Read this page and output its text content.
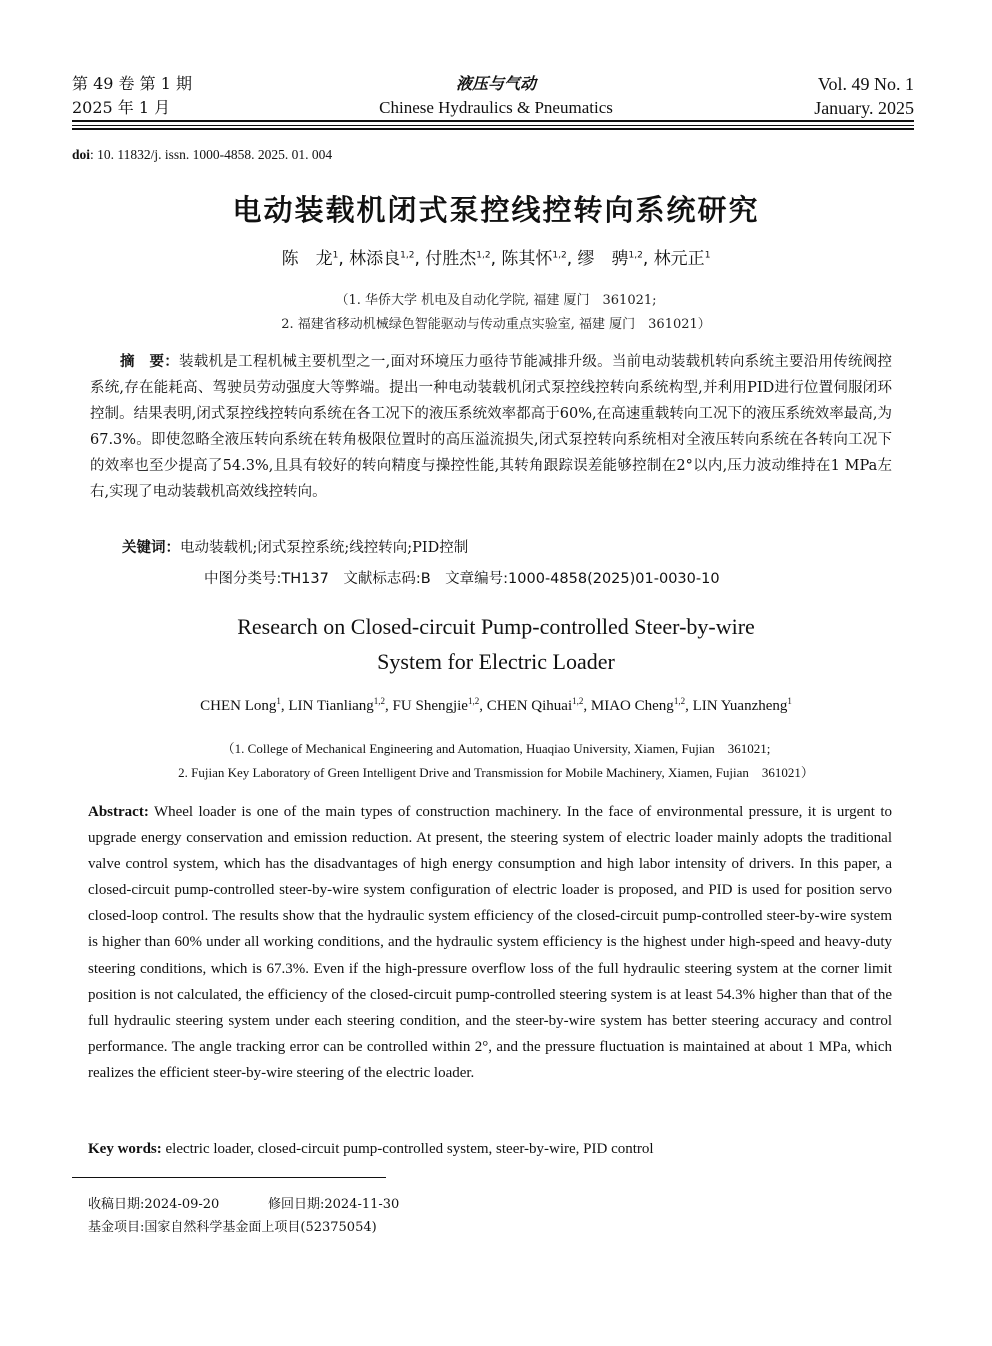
第 49 卷 第 1 期
2025 年 1 月
液压与气动
Chinese Hydraulics & Pneumatics
Vol. 49 No. 1
January. 2025
doi: 10. 11832/j. issn. 1000-4858. 2025. 01. 004
电动装载机闭式泵控线控转向系统研究
陈　龙$^1$, 林添良$^{1,2}$, 付胜杰$^{1,2}$, 陈其怀$^{1,2}$, 缪　骋$^{1,2}$, 林元正$^1$
（1. 华侨大学 机电及自动化学院, 福建 厦门　361021;
2. 福建省移动机械绿色智能驱动与传动重点实验室, 福建 厦门　361021）
摘　要：装载机是工程机械主要机型之一,面对环境压力亟待节能减排升级。当前电动装载机转向系统主要沿用传统阀控系统,存在能耗高、驾驶员劳动强度大等弊端。提出一种电动装载机闭式泵控线控转向系统构型,并利用PID进行位置伺服闭环控制。结果表明,闭式泵控线控转向系统在各工况下的液压系统效率都高于60%,在高速重载转向工况下的液压系统效率最高,为67.3%。即使忽略全液压转向系统在转角极限位置时的高压溢流损失,闭式泵控转向系统相对全液压转向系统在各转向工况下的效率也至少提高了54.3%,且具有较好的转向精度与操控性能,其转角跟踪误差能够控制在2°以内,压力波动维持在1 MPa左右,实现了电动装载机高效线控转向。
关键词：电动装载机;闭式泵控系统;线控转向;PID控制
中图分类号:TH137　文献标志码:B　文章编号:1000-4858(2025)01-0030-10
Research on Closed-circuit Pump-controlled Steer-by-wire
System for Electric Loader
CHEN Long$^1$, LIN Tianliang$^{1,2}$, FU Shengjie$^{1,2}$, CHEN Qihuai$^{1,2}$, MIAO Cheng$^{1,2}$, LIN Yuanzheng$^1$
（1. College of Mechanical Engineering and Automation, Huaqiao University, Xiamen, Fujian　361021;
2. Fujian Key Laboratory of Green Intelligent Drive and Transmission for Mobile Machinery, Xiamen, Fujian　361021）
Abstract: Wheel loader is one of the main types of construction machinery. In the face of environmental pressure, it is urgent to upgrade energy conservation and emission reduction. At present, the steering system of electric loader mainly adopts the traditional valve control system, which has the disadvantages of high energy consumption and high labor intensity of drivers. In this paper, a closed-circuit pump-controlled steer-by-wire system configuration of electric loader is proposed, and PID is used for position servo closed-loop control. The results show that the hydraulic system efficiency of the closed-circuit pump-controlled steer-by-wire system is higher than 60% under all working conditions, and the hydraulic system efficiency is the highest under high-speed and heavy-duty steering conditions, which is 67.3%. Even if the high-pressure overflow loss of the full hydraulic steering system at the corner limit position is not calculated, the efficiency of the closed-circuit pump-controlled steering system is at least 54.3% higher than that of the full hydraulic steering system under each steering condition, and the steer-by-wire system has better steering accuracy and control performance. The angle tracking error can be controlled within 2°, and the pressure fluctuation is maintained at about 1 MPa, which realizes the efficient steer-by-wire steering of the electric loader.
Key words: electric loader, closed-circuit pump-controlled system, steer-by-wire, PID control
收稿日期:2024-09-20	修回日期:2024-11-30
基金项目:国家自然科学基金面上项目(52375054)
